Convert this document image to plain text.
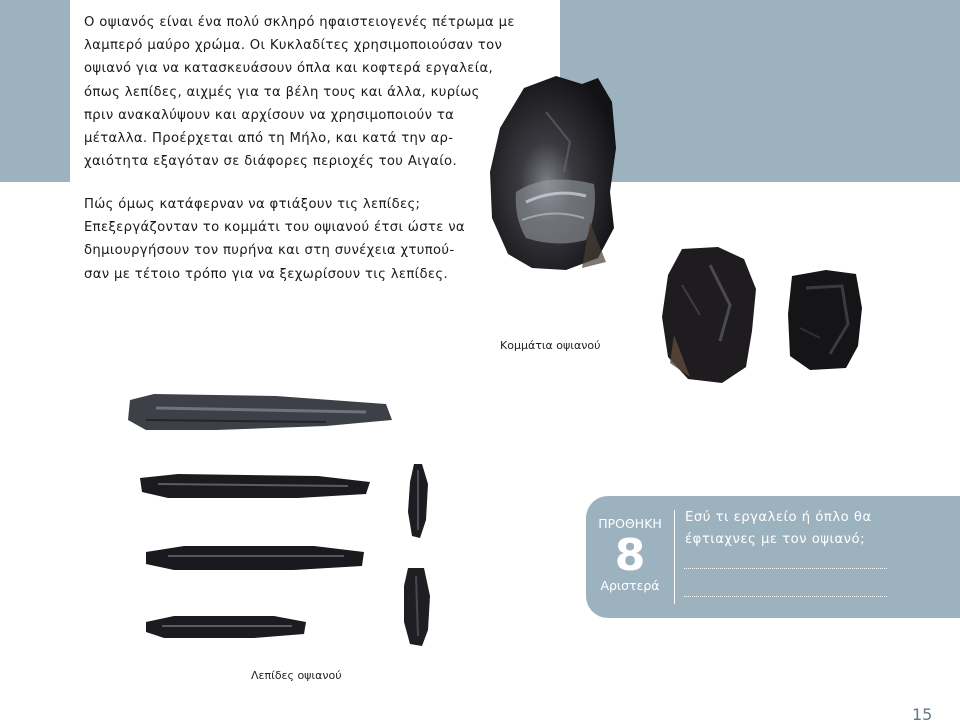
Ο οψιανός είναι ένα πολύ σκληρό ηφαιστειογενές πέτρωμα με
λαμπερό μαύρο χρώμα. Οι Κυκλαδίτες χρησιμοποιούσαν τον
οψιανό για να κατασκευάσουν όπλα και κοφτερά εργαλεία,
όπως λεπίδες, αιχμές για τα βέλη τους και άλλα, κυρίως
πριν ανακαλύψουν και αρχίσουν να χρησιμοποιούν τα
μέταλλα. Προέρχεται από τη Μήλο, και κατά την αρ-
χαιότητα εξαγόταν σε διάφορες περιοχές του Αιγαίο.

Πώς όμως κατάφερναν να φτιάξουν τις λεπίδες;
Επεξεργάζονταν το κομμάτι του οψιανού έτσι ώστε να
δημιουργήσουν τον πυρήνα και στη συνέχεια χτυπού-
σαν με τέτοιο τρόπο για να ξεχωρίσουν τις λεπίδες.

Κομμάτια οψιανού
Λεπίδες οψιανού
ΠΡΟΘΗΚΗ
8
Αριστερά
Εσύ τι εργαλείο ή όπλο θα
έφτιαχνες με τον οψιανό;
15
